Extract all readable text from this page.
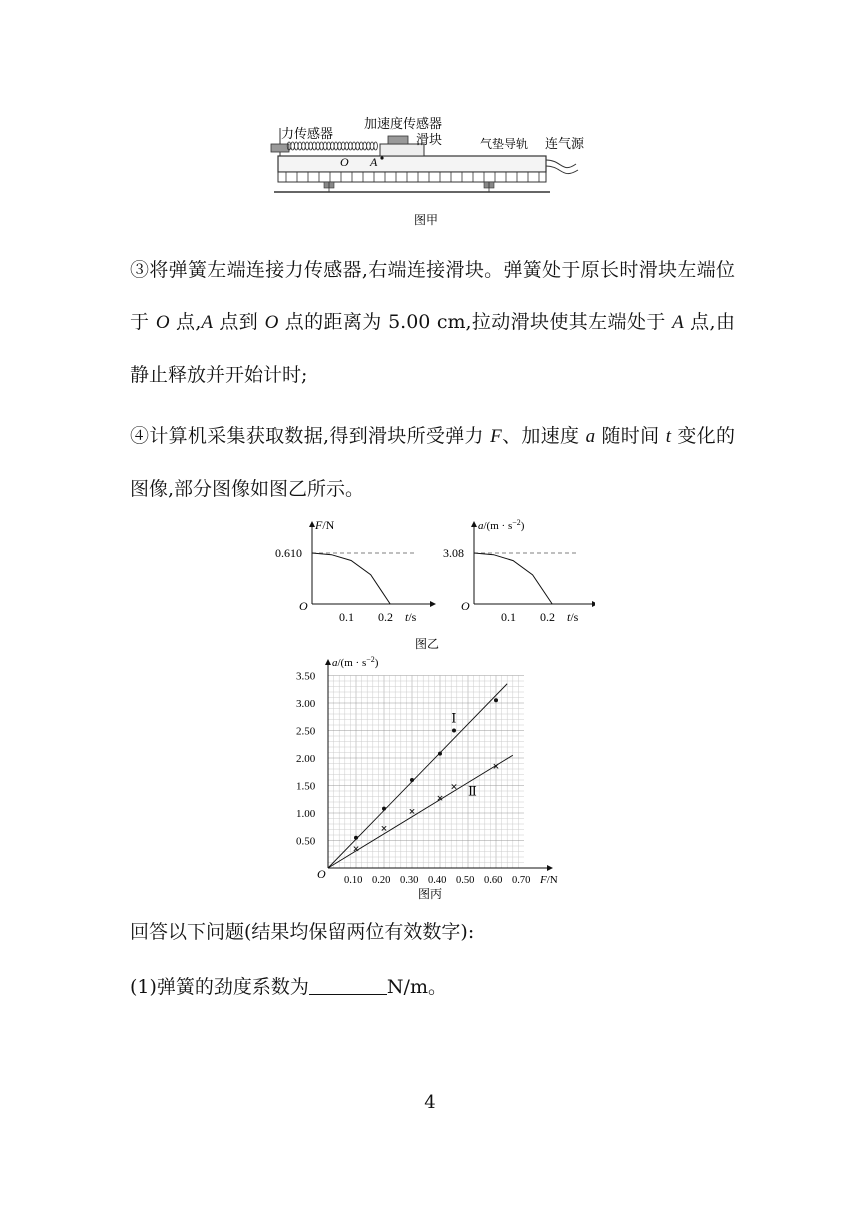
O A
力传感器
加速度传感器
滑块	气垫导轨 连气源
图甲

③将弹簧左端连接力传感器,右端连接滑块。弹簧处于原长时滑块左端位于 O 点,A 点到 O 点的距离为 5.00 cm,拉动滑块使其左端处于 A 点,由静止释放并开始计时;

④计算机采集获取数据,得到滑块所受弹力 F、加速度 a 随时间 t 变化的图像,部分图像如图乙所示。

F/N
0.610
O
0.1 0.2 t/s
$a/(m \cdot s^{-2})$
3.08
O
0.1 0.2 t/s
图乙
0.50
1.00
1.50
2.00
2.50
3.00
3.50
0.10 0.20 0.30 0.40 0.50 0.60 0.70
Ⅰ
Ⅱ
$a/(m \cdot s^{-2})$
O	F/N
图丙

回答以下问题(结果均保留两位有效数字):

(1)弹簧的劲度系数为	N/m。

4
